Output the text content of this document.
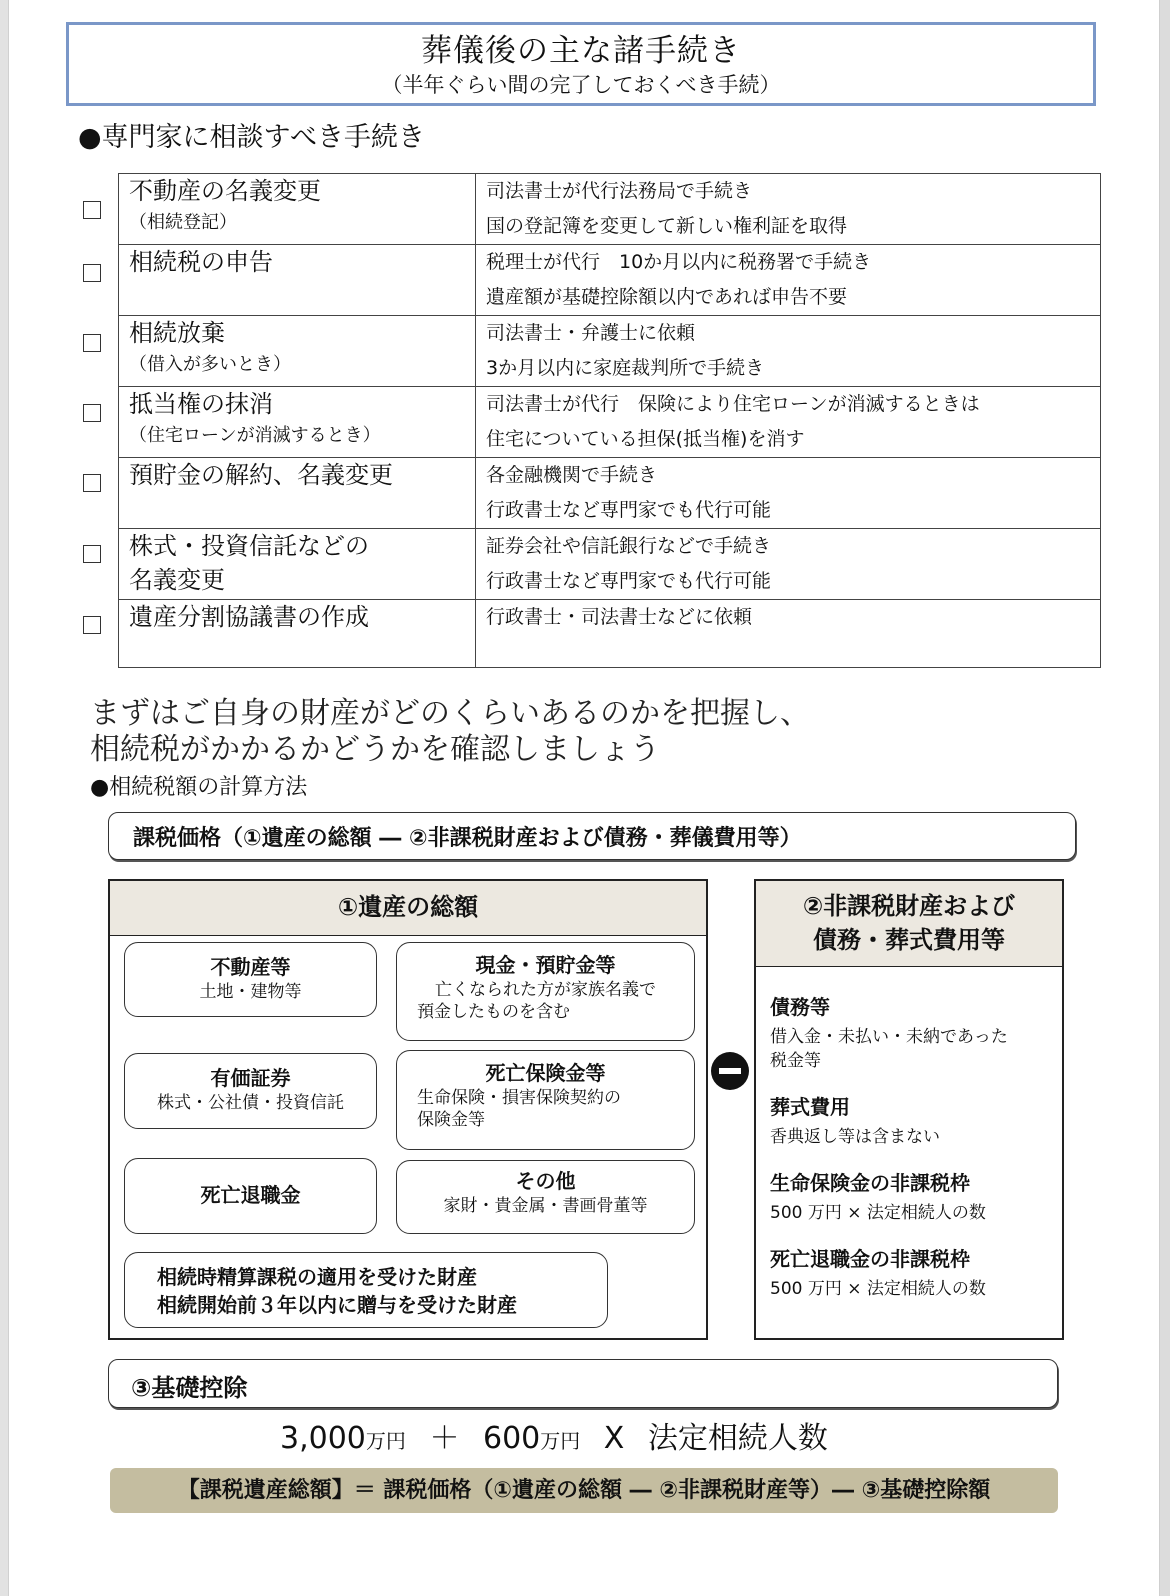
葬儀後の主な諸手続き
（半年ぐらい間の完了しておくべき手続）
●専門家に相談すべき手続き
不動産の名義変更
（相続登記）	司法書士が代行法務局で手続き
国の登記簿を変更して新しい権利証を取得

相続税の申告	税理士が代行　10か月以内に税務署で手続き
遺産額が基礎控除額以内であれば申告不要

相続放棄
（借入が多いとき）	司法書士・弁護士に依頼
3か月以内に家庭裁判所で手続き

抵当権の抹消
（住宅ローンが消滅するとき）	司法書士が代行　保険により住宅ローンが消滅するときは
住宅についている担保(抵当権)を消す

預貯金の解約、名義変更	各金融機関で手続き
行政書士など専門家でも代行可能

株式・投資信託などの
名義変更	証券会社や信託銀行などで手続き
行政書士など専門家でも代行可能

遺産分割協議書の作成	行政書士・司法書士などに依頼
まずはご自身の財産がどのくらいあるのかを把握し、
相続税がかかるかどうかを確認しましょう
●相続税額の計算方法
課税価格（①遺産の総額 ― ②非課税財産および債務・葬儀費用等）
①遺産の総額
不動産等
土地・建物等
現金・預貯金等
亡くなられた方が家族名義で
預金したものを含む
有価証券
株式・公社債・投資信託
死亡保険金等
生命保険・損害保険契約の
保険金等
死亡退職金
その他
家財・貴金属・書画骨董等
相続時精算課税の適用を受けた財産
相続開始前３年以内に贈与を受けた財産
②非課税財産および
債務・葬式費用等
債務等
借入金・未払い・未納であった
税金等
葬式費用
香典返し等は含まない
生命保険金の非課税枠
500 万円 × 法定相続人の数
死亡退職金の非課税枠
500 万円 × 法定相続人の数
③基礎控除
3,000万円 ＋ 600万円 X 法定相続人数
【課税遺産総額】＝ 課税価格（①遺産の総額 ― ②非課税財産等）― ③基礎控除額
